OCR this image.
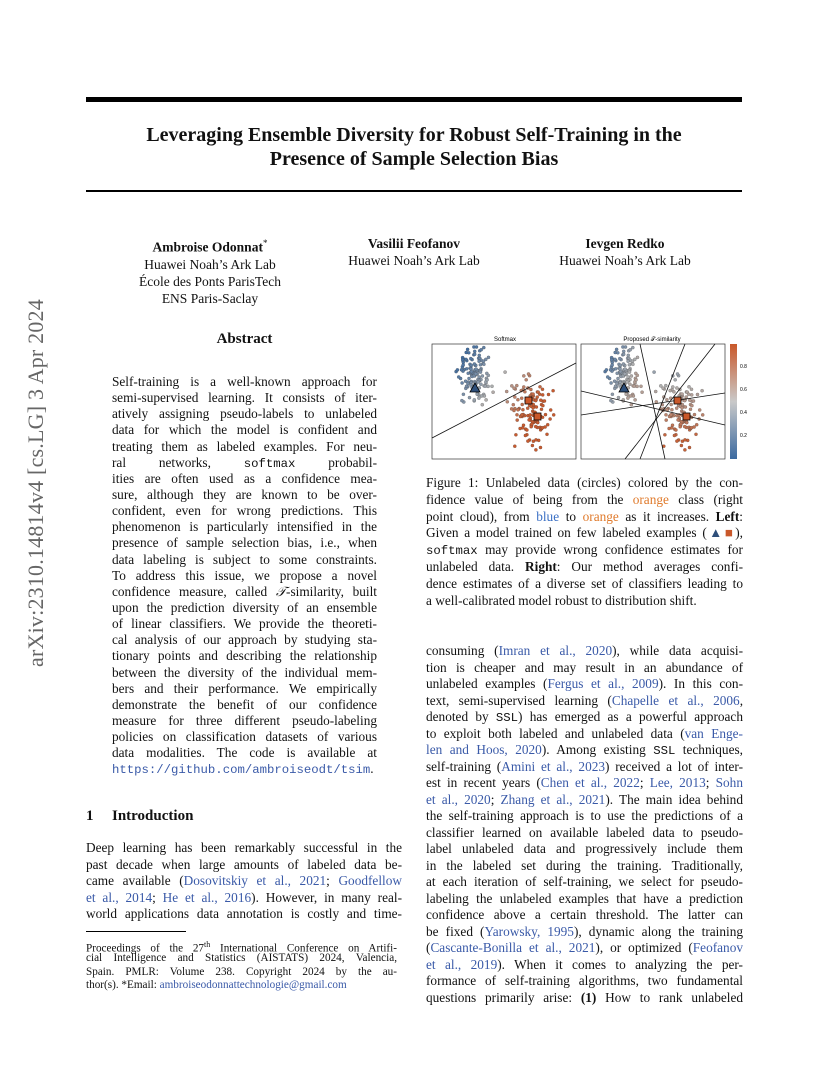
Leveraging Ensemble Diversity for Robust Self-Training in the
Presence of Sample Selection Bias
Ambroise Odonnat*
Huawei Noah’s Ark Lab
École des Ponts ParisTech
ENS Paris-Saclay
Vasilii Feofanov
Huawei Noah’s Ark Lab
Ievgen Redko
Huawei Noah’s Ark Lab
arXiv:2310.14814v4 [cs.LG] 3 Apr 2024	Abstract
Self-training is a well-known approach for
semi-supervised learning. It consists of iter-
atively assigning pseudo-labels to unlabeled
data for which the model is confident and
treating them as labeled examples. For neu-
ral networks, softmax probabil-
ities are often used as a confidence mea-
sure, although they are known to be over-
confident, even for wrong predictions. This
phenomenon is particularly intensified in the
presence of sample selection bias, i.e., when
data labeling is subject to some constraints.
To address this issue, we propose a novel
confidence measure, called 𝒯-similarity, built
upon the prediction diversity of an ensemble
of linear classifiers. We provide the theoreti-
cal analysis of our approach by studying sta-
tionary points and describing the relationship
between the diversity of the individual mem-
bers and their performance. We empirically
demonstrate the benefit of our confidence
measure for three different pseudo-labeling
policies on classification datasets of various
data modalities. The code is available at
https://github.com/ambroiseodt/tsim.
1 Introduction
Deep learning has been remarkably successful in the
past decade when large amounts of labeled data be-
came available (Dosovitskiy et al., 2021; Goodfellow
et al., 2014; He et al., 2016). However, in many real-
world applications data annotation is costly and time-
Proceedings of the 27th International Conference on Artifi-
cial Intelligence and Statistics (AISTATS) 2024, Valencia,
Spain. PMLR: Volume 238. Copyright 2024 by the au-
thor(s). *Email: ambroiseodonnattechnologie@gmail.com
Softmax	Proposed 𝒯-similarity
0.8
0.6
0.4
0.2
Figure 1: Unlabeled data (circles) colored by the con-
fidence value of being from the orange class (right
point cloud), from blue to orange as it increases. Left:
Given a model trained on few labeled examples (▲■),
softmax may provide wrong confidence estimates for
unlabeled data. Right: Our method averages confi-
dence estimates of a diverse set of classifiers leading to
a well-calibrated model robust to distribution shift.
consuming (Imran et al., 2020), while data acquisi-
tion is cheaper and may result in an abundance of
unlabeled examples (Fergus et al., 2009). In this con-
text, semi-supervised learning (Chapelle et al., 2006,
denoted by SSL) has emerged as a powerful approach
to exploit both labeled and unlabeled data (van Enge-
len and Hoos, 2020). Among existing SSL techniques,
self-training (Amini et al., 2023) received a lot of inter-
est in recent years (Chen et al., 2022; Lee, 2013; Sohn
et al., 2020; Zhang et al., 2021). The main idea behind
the self-training approach is to use the predictions of a
classifier learned on available labeled data to pseudo-
label unlabeled data and progressively include them
in the labeled set during the training. Traditionally,
at each iteration of self-training, we select for pseudo-
labeling the unlabeled examples that have a prediction
confidence above a certain threshold. The latter can
be fixed (Yarowsky, 1995), dynamic along the training
(Cascante-Bonilla et al., 2021), or optimized (Feofanov
et al., 2019). When it comes to analyzing the per-
formance of self-training algorithms, two fundamental
questions primarily arise: (1) How to rank unlabeled
